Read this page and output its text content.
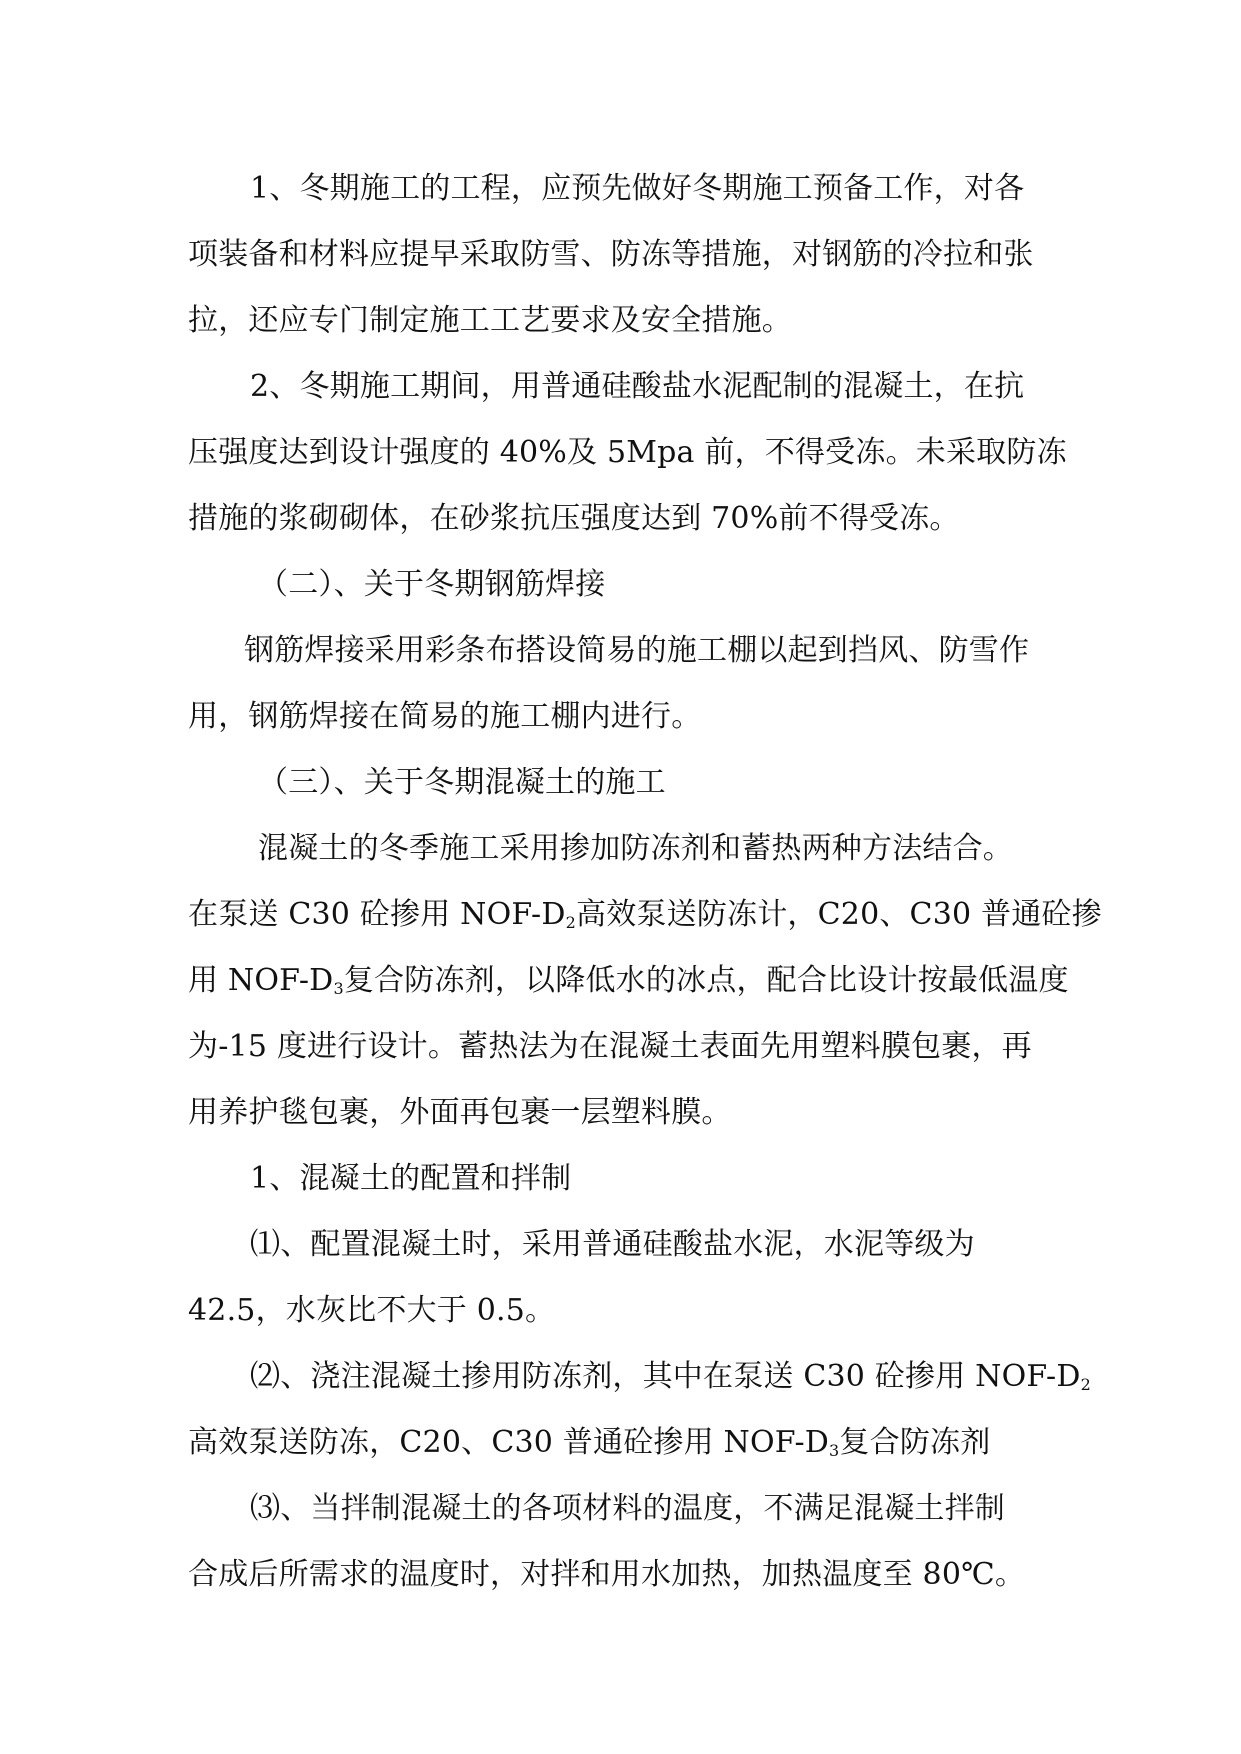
1、冬期施工的工程，应预先做好冬期施工预备工作，对各
项装备和材料应提早采取防雪、防冻等措施，对钢筋的冷拉和张
拉，还应专门制定施工工艺要求及安全措施。
2、冬期施工期间，用普通硅酸盐水泥配制的混凝土，在抗
压强度达到设计强度的 40%及 5Mpa 前，不得受冻。未采取防冻
措施的浆砌砌体，在砂浆抗压强度达到 70%前不得受冻。
（二）、关于冬期钢筋焊接
钢筋焊接采用彩条布搭设简易的施工棚以起到挡风、防雪作
用，钢筋焊接在简易的施工棚内进行。
（三）、关于冬期混凝土的施工
混凝土的冬季施工采用掺加防冻剂和蓄热两种方法结合。
在泵送 C30 砼掺用 NOF-$D_2$高效泵送防冻计，C20、C30 普通砼掺
用 NOF-$D_3$复合防冻剂，以降低水的冰点，配合比设计按最低温度
为-15 度进行设计。蓄热法为在混凝土表面先用塑料膜包裹，再
用养护毯包裹，外面再包裹一层塑料膜。
1、混凝土的配置和拌制
⑴、配置混凝土时，采用普通硅酸盐水泥，水泥等级为
42.5，水灰比不大于 0.5。
⑵、浇注混凝土掺用防冻剂，其中在泵送 C30 砼掺用 NOF-$D_2$
高效泵送防冻，C20、C30 普通砼掺用 NOF-$D_3$复合防冻剂
⑶、当拌制混凝土的各项材料的温度，不满足混凝土拌制
合成后所需求的温度时，对拌和用水加热，加热温度至 80℃。
